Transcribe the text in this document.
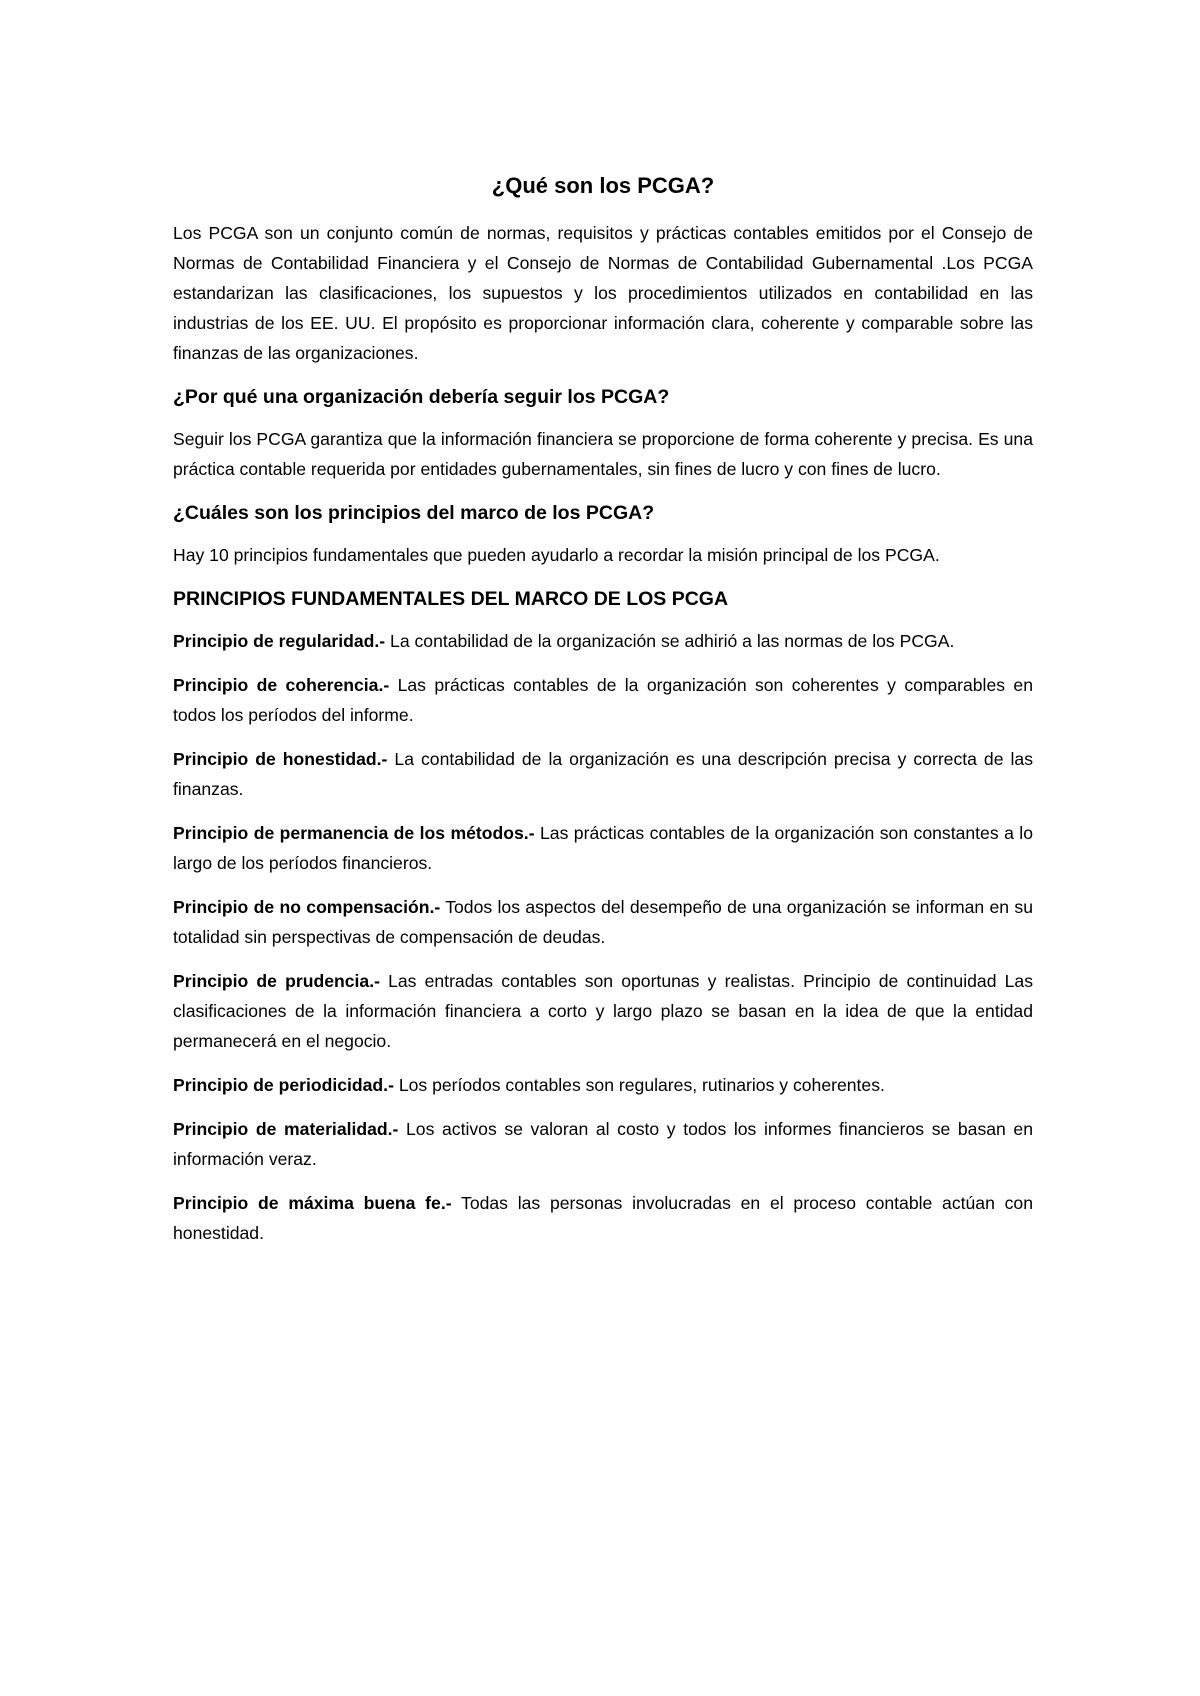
¿Qué son los PCGA?

Los PCGA son un conjunto común de normas, requisitos y prácticas contables emitidos por el Consejo de Normas de Contabilidad Financiera y el Consejo de Normas de Contabilidad Gubernamental .Los PCGA estandarizan las clasificaciones, los supuestos y los procedimientos utilizados en contabilidad en las industrias de los EE. UU. El propósito es proporcionar información clara, coherente y comparable sobre las finanzas de las organizaciones.

¿Por qué una organización debería seguir los PCGA?

Seguir los PCGA garantiza que la información financiera se proporcione de forma coherente y precisa. Es una práctica contable requerida por entidades gubernamentales, sin fines de lucro y con fines de lucro.

¿Cuáles son los principios del marco de los PCGA?

Hay 10 principios fundamentales que pueden ayudarlo a recordar la misión principal de los PCGA.

PRINCIPIOS FUNDAMENTALES DEL MARCO DE LOS PCGA

Principio de regularidad.- La contabilidad de la organización se adhirió a las normas de los PCGA.

Principio de coherencia.- Las prácticas contables de la organización son coherentes y comparables en todos los períodos del informe.

Principio de honestidad.- La contabilidad de la organización es una descripción precisa y correcta de las finanzas.

Principio de permanencia de los métodos.- Las prácticas contables de la organización son constantes a lo largo de los períodos financieros.

Principio de no compensación.- Todos los aspectos del desempeño de una organización se informan en su totalidad sin perspectivas de compensación de deudas.

Principio de prudencia.- Las entradas contables son oportunas y realistas. Principio de continuidad Las clasificaciones de la información financiera a corto y largo plazo se basan en la idea de que la entidad permanecerá en el negocio.

Principio de periodicidad.- Los períodos contables son regulares, rutinarios y coherentes.

Principio de materialidad.- Los activos se valoran al costo y todos los informes financieros se basan en información veraz.

Principio de máxima buena fe.- Todas las personas involucradas en el proceso contable actúan con honestidad.
